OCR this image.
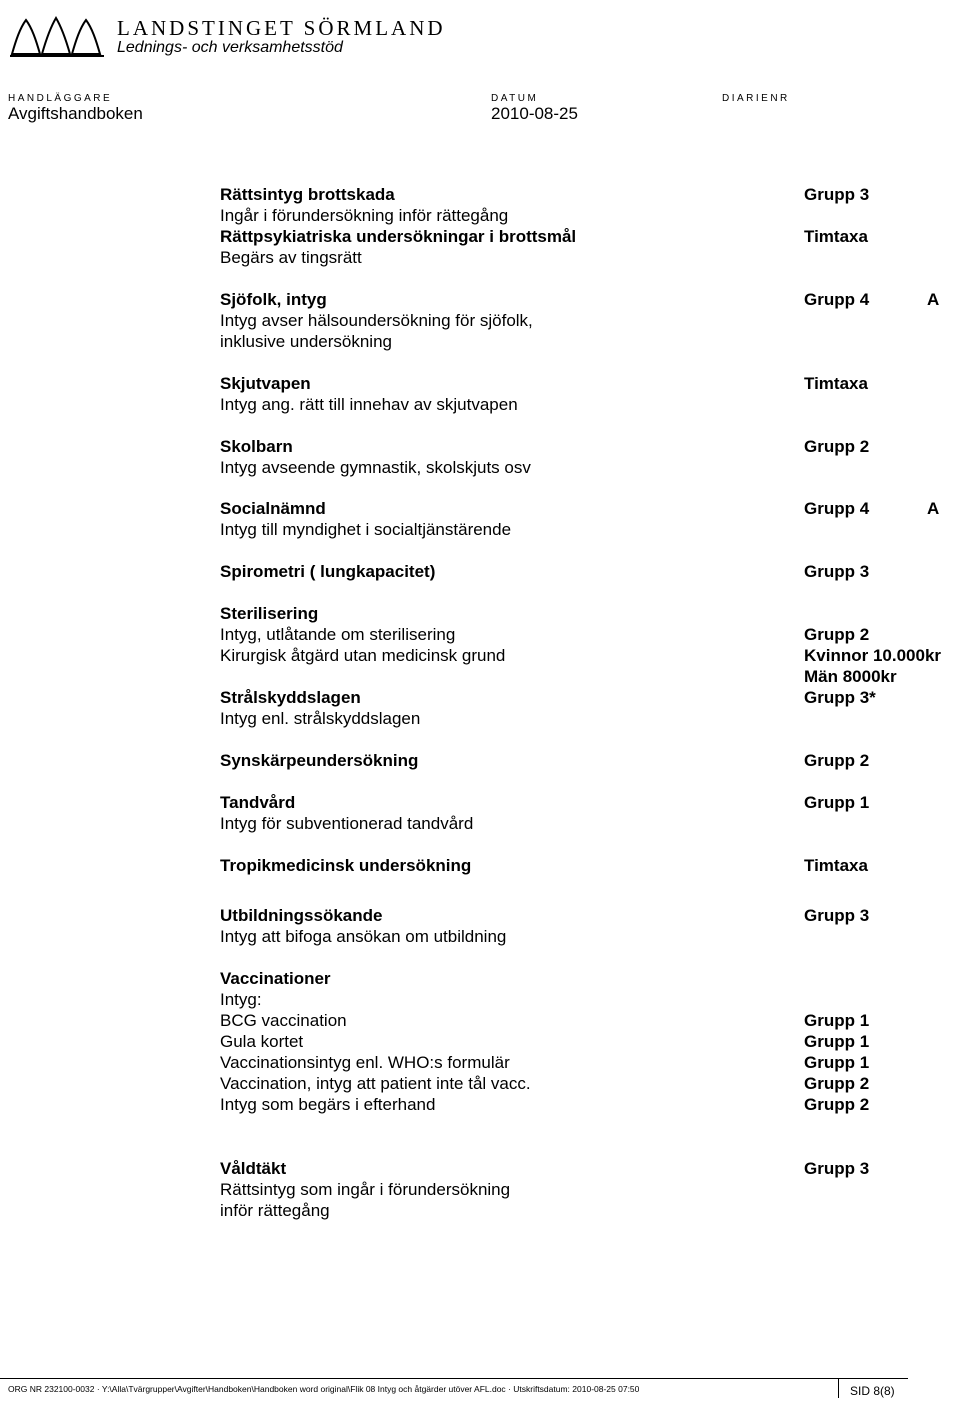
LANDSTINGET SÖRMLAND
Lednings- och verksamhetsstöd
HANDLÄGGARE
Avgiftshandboken
DATUM
2010-08-25
DIARIENR
Rättsintyg brottskada	Grupp 3
Ingår i förundersökning inför rättegång
Rättpsykiatriska undersökningar i brottsmål	Timtaxa
Begärs av tingsrätt
Sjöfolk, intyg	Grupp 4	A
Intyg avser hälsoundersökning för sjöfolk,
inklusive undersökning
Skjutvapen	Timtaxa
Intyg ang. rätt till innehav av skjutvapen
Skolbarn	Grupp 2
Intyg avseende gymnastik, skolskjuts osv
Socialnämnd	Grupp 4	A
Intyg till myndighet i socialtjänstärende
Spirometri ( lungkapacitet)	Grupp 3
Sterilisering
Intyg, utlåtande om sterilisering	Grupp 2
Kirurgisk åtgärd utan medicinsk grund	Kvinnor 10.000kr
Män 8000kr
Strålskyddslagen	Grupp 3*
Intyg enl. strålskyddslagen
Synskärpeundersökning	Grupp 2
Tandvård	Grupp 1
Intyg för subventionerad tandvård
Tropikmedicinsk undersökning	Timtaxa
Utbildningssökande	Grupp 3
Intyg att bifoga ansökan om utbildning
Vaccinationer
Intyg:
BCG vaccination	Grupp 1
Gula kortet	Grupp 1
Vaccinationsintyg enl. WHO:s formulär	Grupp 1
Vaccination, intyg att patient inte tål vacc.	Grupp 2
Intyg som begärs i efterhand	Grupp 2
Våldtäkt	Grupp 3
Rättsintyg som ingår i förundersökning
inför rättegång
ORG NR 232100-0032 · Y:\Alla\Tvärgrupper\Avgifter\Handboken\Handboken word original\Flik 08 Intyg och åtgärder utöver AFL.doc · Utskriftsdatum: 2010-08-25 07:50	SID 8(8)
